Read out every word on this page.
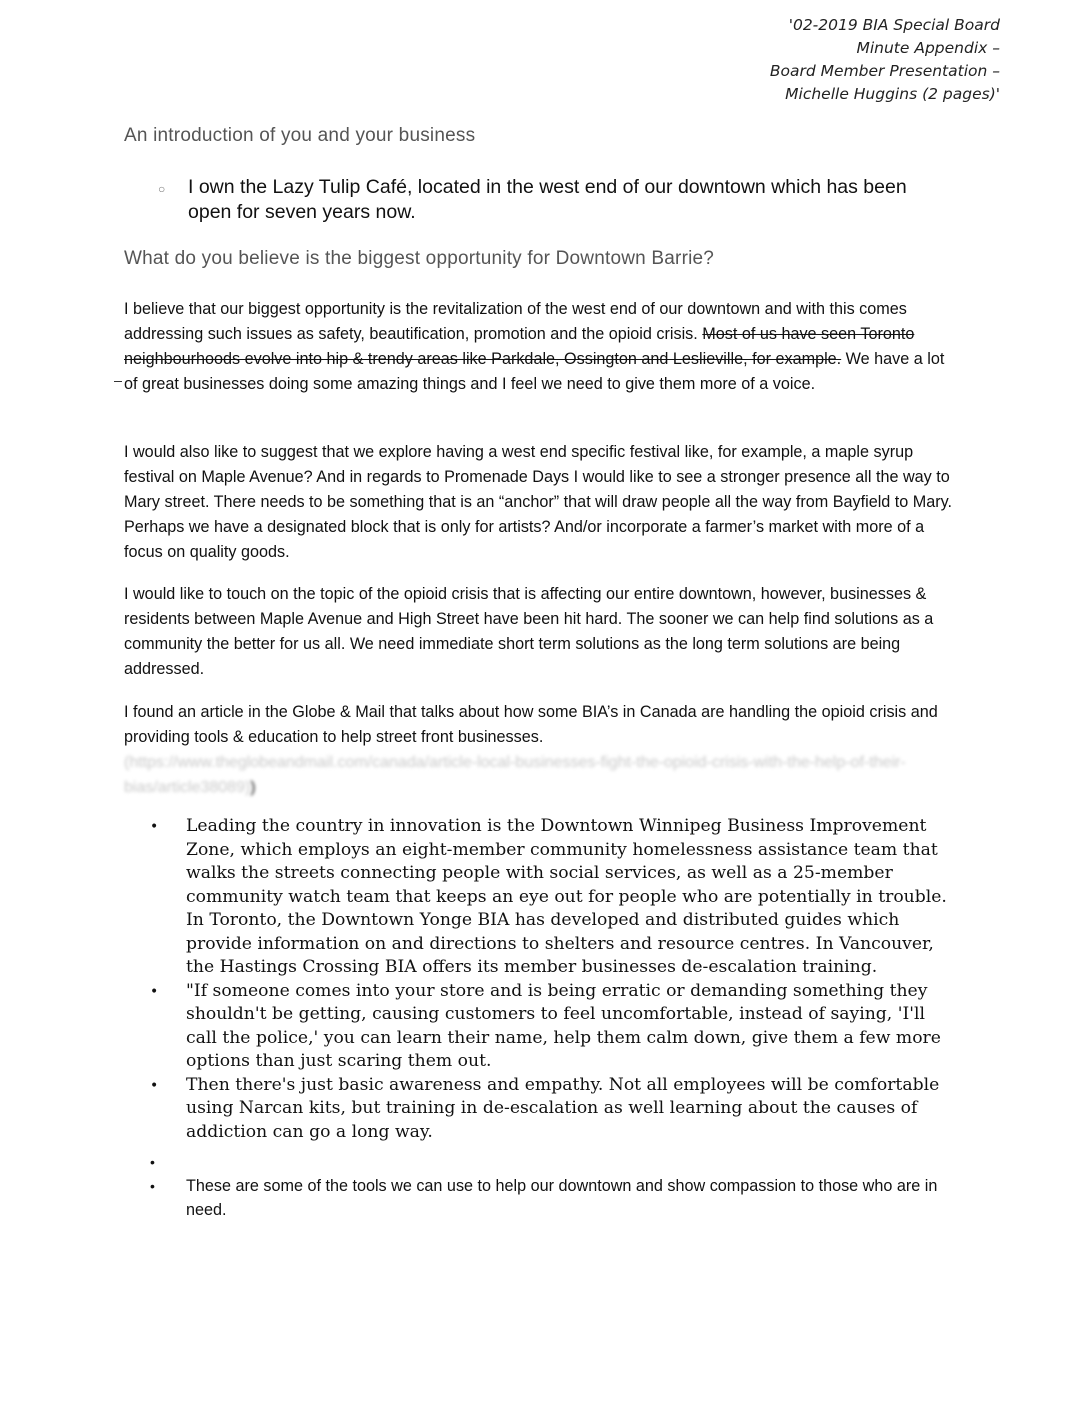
'02-2019 BIA Special Board
Minute Appendix –
Board Member Presentation –
Michelle Huggins (2 pages)'
An introduction of you and your business
○	I own the Lazy Tulip Café, located in the west end of our downtown which has been open for seven years now.
What do you believe is the biggest opportunity for Downtown Barrie?
I believe that our biggest opportunity is the revitalization of the west end of our downtown and with this comes addressing such issues as safety, beautification, promotion and the opioid crisis. Most of us have seen Toronto neighbourhoods evolve into hip & trendy areas like Parkdale, Ossington and Leslieville, for example. We have a lot of great businesses doing some amazing things and I feel we need to give them more of a voice.
I would also like to suggest that we explore having a west end specific festival like, for example, a maple syrup festival on Maple Avenue? And in regards to Promenade Days I would like to see a stronger presence all the way to Mary street. There needs to be something that is an “anchor” that will draw people all the way from Bayfield to Mary. Perhaps we have a designated block that is only for artists? And/or incorporate a farmer’s market with more of a focus on quality goods.
I would like to touch on the topic of the opioid crisis that is affecting our entire downtown, however, businesses & residents between Maple Avenue and High Street have been hit hard. The sooner we can help find solutions as a community the better for us all. We need immediate short term solutions as the long term solutions are being addressed.
I found an article in the Globe & Mail that talks about how some BIA’s in Canada are handling the opioid crisis and providing tools & education to help street front businesses.
(https://www.theglobeandmail.com/canada/article-local-businesses-fight-the-opioid-crisis-with-the-help-of-their-bias/article38089))
•	Leading the country in innovation is the Downtown Winnipeg Business Improvement Zone, which employs an eight-member community homelessness assistance team that walks the streets connecting people with social services, as well as a 25-member community watch team that keeps an eye out for people who are potentially in trouble. In Toronto, the Downtown Yonge BIA has developed and distributed guides which provide information on and directions to shelters and resource centres. In Vancouver, the Hastings Crossing BIA offers its member businesses de-escalation training.
•	"If someone comes into your store and is being erratic or demanding something they shouldn't be getting, causing customers to feel uncomfortable, instead of saying, 'I'll call the police,' you can learn their name, help them calm down, give them a few more options than just scaring them out.
•	Then there's just basic awareness and empathy. Not all employees will be comfortable using Narcan kits, but training in de-escalation as well learning about the causes of addiction can go a long way.
•
•	These are some of the tools we can use to help our downtown and show compassion to those who are in need.
